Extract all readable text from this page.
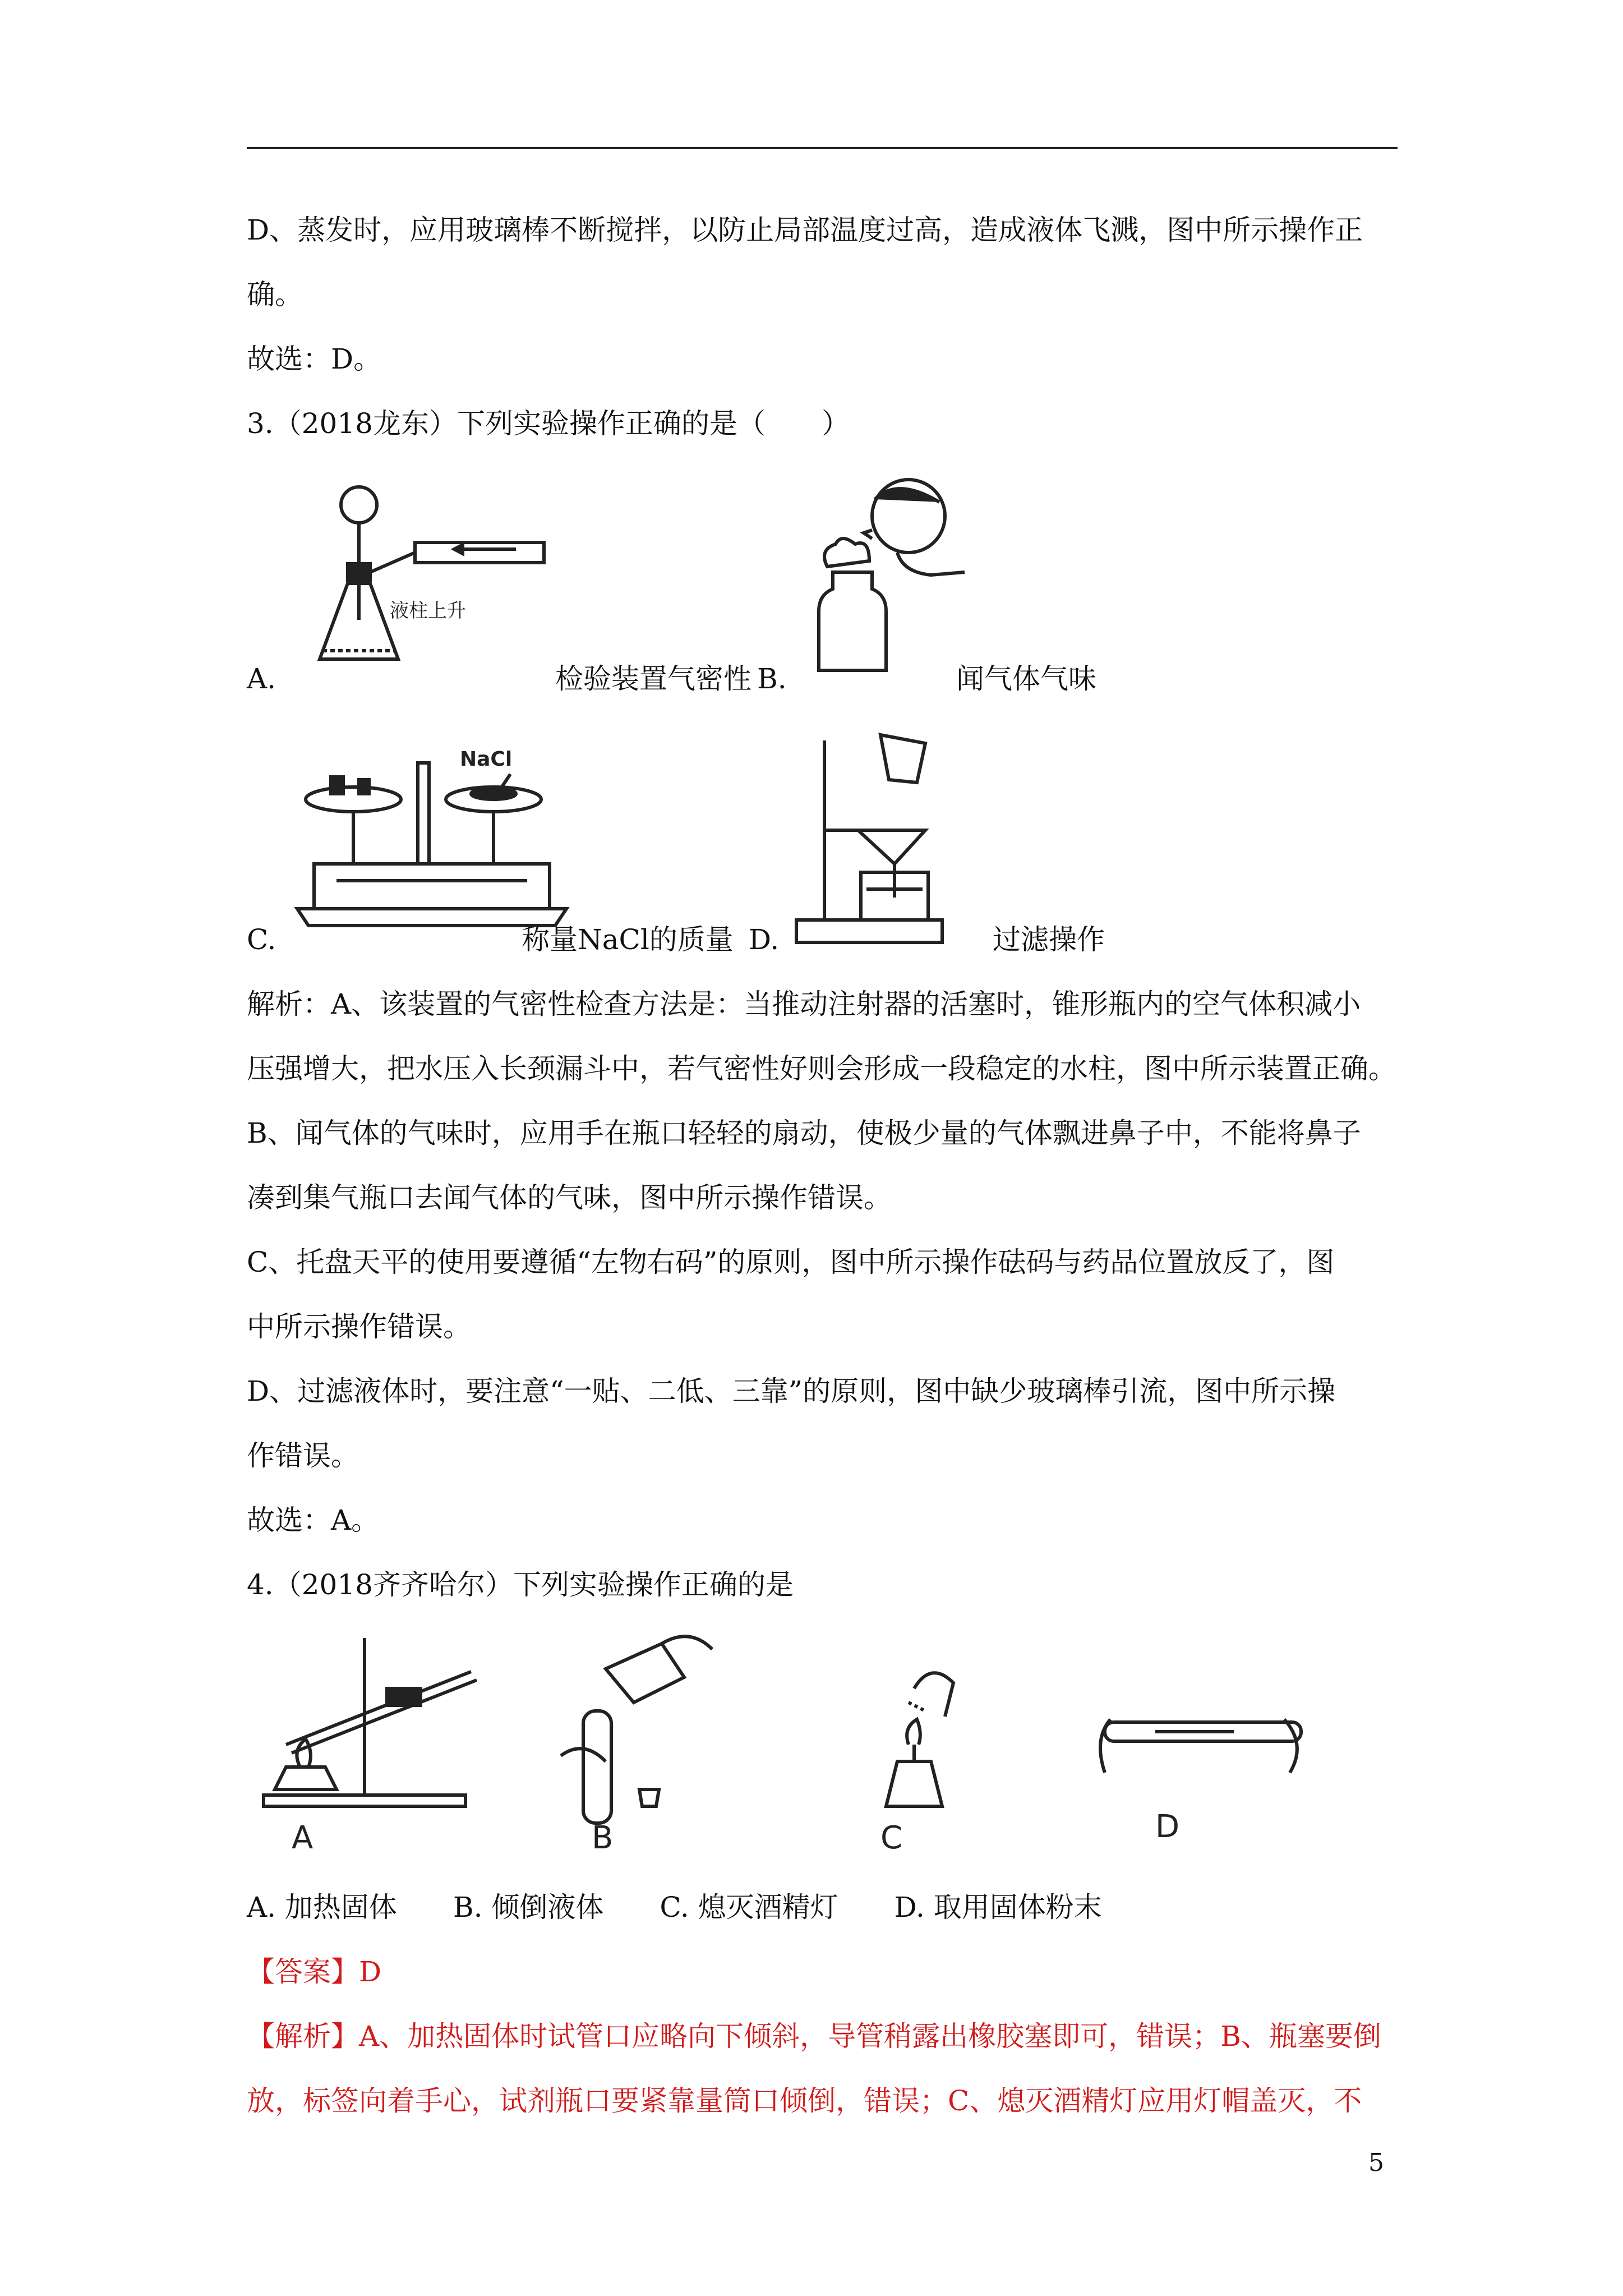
D、蒸发时，应用玻璃棒不断搅拌，以防止局部温度过高，造成液体飞溅，图中所示操作正
确。
故选：D。
3.（2018龙东）下列实验操作正确的是（　　）
液柱上升
A.	检验装置气密性 B.	闻气体气味
NaCl
C.	称量NaCl的质量 D.	过滤操作
解析：A、该装置的气密性检查方法是：当推动注射器的活塞时，锥形瓶内的空气体积减小
压强增大，把水压入长颈漏斗中，若气密性好则会形成一段稳定的水柱，图中所示装置正确。
B、闻气体的气味时，应用手在瓶口轻轻的扇动，使极少量的气体飘进鼻子中，不能将鼻子
凑到集气瓶口去闻气体的气味，图中所示操作错误。
C、托盘天平的使用要遵循“左物右码”的原则，图中所示操作砝码与药品位置放反了，图
中所示操作错误。
D、过滤液体时，要注意“一贴、二低、三靠”的原则，图中缺少玻璃棒引流，图中所示操
作错误。
故选：A。
4.（2018齐齐哈尔）下列实验操作正确的是
A	B	C	D
A. 加热固体　　B. 倾倒液体　　C. 熄灭酒精灯　　D. 取用固体粉末
【答案】D
【解析】A、加热固体时试管口应略向下倾斜，导管稍露出橡胶塞即可，错误；B、瓶塞要倒
放，标签向着手心，试剂瓶口要紧靠量筒口倾倒，错误；C、熄灭酒精灯应用灯帽盖灭，不
5
